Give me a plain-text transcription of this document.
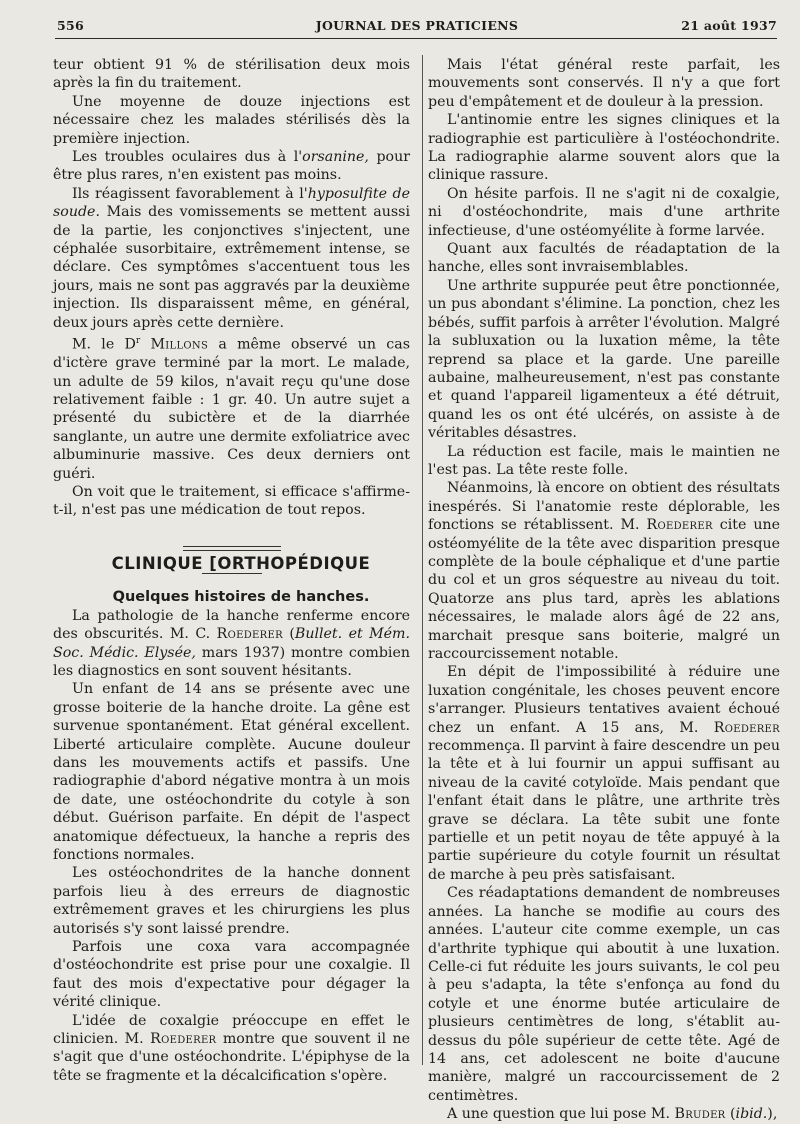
556	JOURNAL DES PRATICIENS	21 août 1937

teur obtient 91 % de stérilisation deux mois après la fin du traitement.

Une moyenne de douze injections est nécessaire chez les malades stérilisés dès la première injection.

Les troubles oculaires dus à l'orsanine, pour être plus rares, n'en existent pas moins.

Ils réagissent favorablement à l'hyposulfite de soude. Mais des vomissements se mettent aussi de la partie, les conjonctives s'injectent, une céphalée susorbitaire, extrêmement intense, se déclare. Ces symptômes s'accentuent tous les jours, mais ne sont pas aggravés par la deuxième injection. Ils disparaissent même, en général, deux jours après cette dernière.

M. le $D^r$ Millons a même observé un cas d'ictère grave terminé par la mort. Le malade, un adulte de 59 kilos, n'avait reçu qu'une dose relativement faible : 1 gr. 40. Un autre sujet a présenté du subictère et de la diarrhée sanglante, un autre une dermite exfoliatrice avec albuminurie massive. Ces deux derniers ont guéri.

On voit que le traitement, si efficace s'affirme-t-il, n'est pas une médication de tout repos.

CLINIQUE [ORTHOPÉDIQUE

Quelques histoires de hanches.

La pathologie de la hanche renferme encore des obscurités. M. C. Roederer (Bullet. et Mém. Soc. Médic. Elysée, mars 1937) montre combien les diagnostics en sont souvent hésitants.

Un enfant de 14 ans se présente avec une grosse boiterie de la hanche droite. La gêne est survenue spontanément. Etat général excellent. Liberté articulaire complète. Aucune douleur dans les mouvements actifs et passifs. Une radiographie d'abord négative montra à un mois de date, une ostéochondrite du cotyle à son début. Guérison parfaite. En dépit de l'aspect anatomique défectueux, la hanche a repris des fonctions normales.

Les ostéochondrites de la hanche donnent parfois lieu à des erreurs de diagnostic extrêmement graves et les chirurgiens les plus autorisés s'y sont laissé prendre.

Parfois une coxa vara accompagnée d'ostéochondrite est prise pour une coxalgie. Il faut des mois d'expectative pour dégager la vérité clinique.

L'idée de coxalgie préoccupe en effet le clinicien. M. Roederer montre que souvent il ne s'agit que d'une ostéochondrite. L'épiphyse de la tête se fragmente et la décalcification s'opère.

Mais l'état général reste parfait, les mouvements sont conservés. Il n'y a que fort peu d'empâtement et de douleur à la pression.

L'antinomie entre les signes cliniques et la radiographie est particulière à l'ostéochondrite. La radiographie alarme souvent alors que la clinique rassure.

On hésite parfois. Il ne s'agit ni de coxalgie, ni d'ostéochondrite, mais d'une arthrite infectieuse, d'une ostéomyélite à forme larvée.

Quant aux facultés de réadaptation de la hanche, elles sont invraisemblables.

Une arthrite suppurée peut être ponctionnée, un pus abondant s'élimine. La ponction, chez les bébés, suffit parfois à arrêter l'évolution. Malgré la subluxation ou la luxation même, la tête reprend sa place et la garde. Une pareille aubaine, malheureusement, n'est pas constante et quand l'appareil ligamenteux a été détruit, quand les os ont été ulcérés, on assiste à de véritables désastres.

La réduction est facile, mais le maintien ne l'est pas. La tête reste folle.

Néanmoins, là encore on obtient des résultats inespérés. Si l'anatomie reste déplorable, les fonctions se rétablissent. M. Roederer cite une ostéomyélite de la tête avec disparition presque complète de la boule céphalique et d'une partie du col et un gros séquestre au niveau du toit. Quatorze ans plus tard, après les ablations nécessaires, le malade alors âgé de 22 ans, marchait presque sans boiterie, malgré un raccourcissement notable.

En dépit de l'impossibilité à réduire une luxation congénitale, les choses peuvent encore s'arranger. Plusieurs tentatives avaient échoué chez un enfant. A 15 ans, M. Roederer recommença. Il parvint à faire descendre un peu la tête et à lui fournir un appui suffisant au niveau de la cavité cotyloïde. Mais pendant que l'enfant était dans le plâtre, une arthrite très grave se déclara. La tête subit une fonte partielle et un petit noyau de tête appuyé à la partie supérieure du cotyle fournit un résultat de marche à peu près satisfaisant.

Ces réadaptations demandent de nombreuses années. La hanche se modifie au cours des années. L'auteur cite comme exemple, un cas d'arthrite typhique qui aboutit à une luxation. Celle-ci fut réduite les jours suivants, le col peu à peu s'adapta, la tête s'enfonça au fond du cotyle et une énorme butée articulaire de plusieurs centimètres de long, s'établit au-dessus du pôle supérieur de cette tête. Agé de 14 ans, cet adolescent ne boite d'aucune manière, malgré un raccourcissement de 2 centimètres.

A une question que lui pose M. Bruder (ibid.),
